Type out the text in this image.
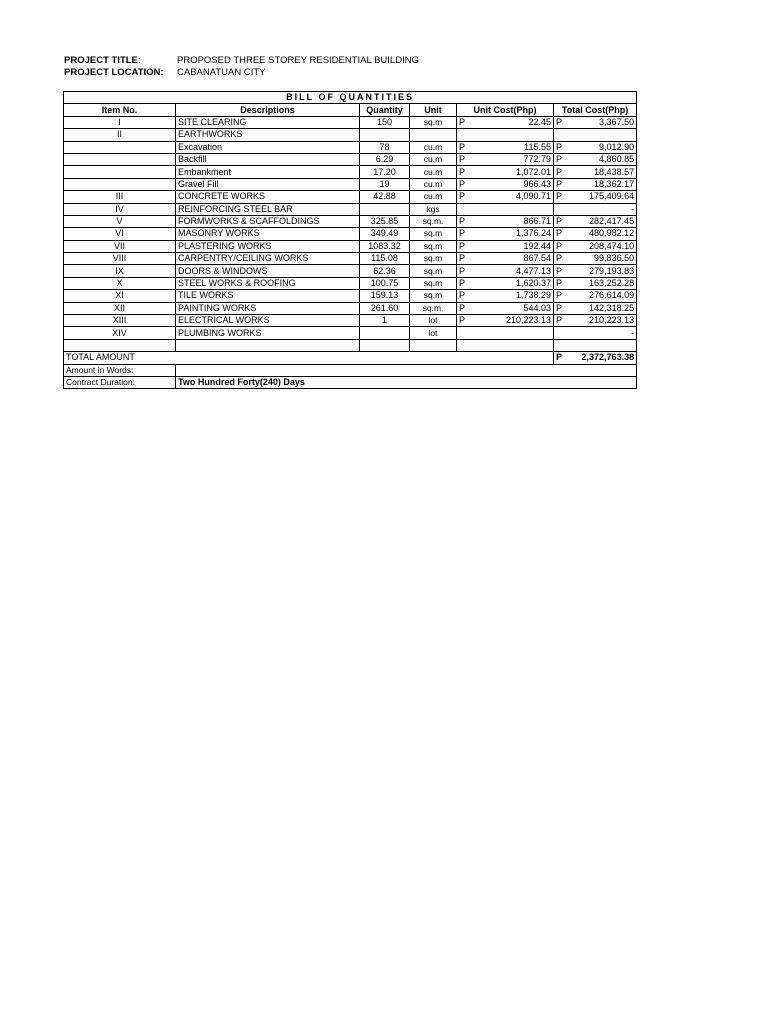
PROJECT TITLE:	PROPOSED THREE STOREY RESIDENTIAL BUILDING
PROJECT LOCATION: CABANATUAN CITY
BILL OF QUANTITIES							
Item No.	Descriptions	Quantity	Unit	Unit Cost(Php)		Total Cost(Php)	
I	SITE CLEARING	150	sq.m	P	22.45	P	3,367.50
II	EARTHWORKS						
	Excavation	78	cu.m	P	115.55	P	9,012.90
	Backfill	6.29	cu.m	P	772.79	P	4,860.85
	Embankment	17.20	cu.m	P	1,072.01	P	18,438.57
	Gravel Fill	19	cu.m	P	966.43	P	18,362.17
III	CONCRETE WORKS	42.88	cu.m	P	4,090.71	P	175,409.64
IV	REINFORCING STEEL BAR		kgs				-
V	FORMWORKS & SCAFFOLDINGS	325.85	sq.m.	P	866.71	P	282,417.45
VI	MASONRY WORKS	349.49	sq.m	P	1,376.24	P	480,982.12
VII	PLASTERING WORKS	1083.32	sq.m	P	192.44	P	208,474.10
VIII	CARPENTRY/CEILING WORKS	115.08	sq.m	P	867.54	P	99,836.50
IX	DOORS & WINDOWS	62.36	sq.m	P	4,477.13	P	279,193.83
X	STEEL WORKS & ROOFING	100.75	sq.m	P	1,620.37	P	163,252.28
XI	TILE WORKS	159.13	sq.m	P	1,738.29	P	276,614.09
XII	PAINTING WORKS	261.60	sq.m.	P	544.03	P	142,318.25
XIII	ELECTRICAL WORKS	1	lot	P	210,223.13	P	210,223.13
XIV	PLUMBING WORKS		lot				-

TOTAL AMOUNT						P	2,372,763.38
Amount in Words:							
Contract Duration:	Two Hundred Forty(240) Days						
